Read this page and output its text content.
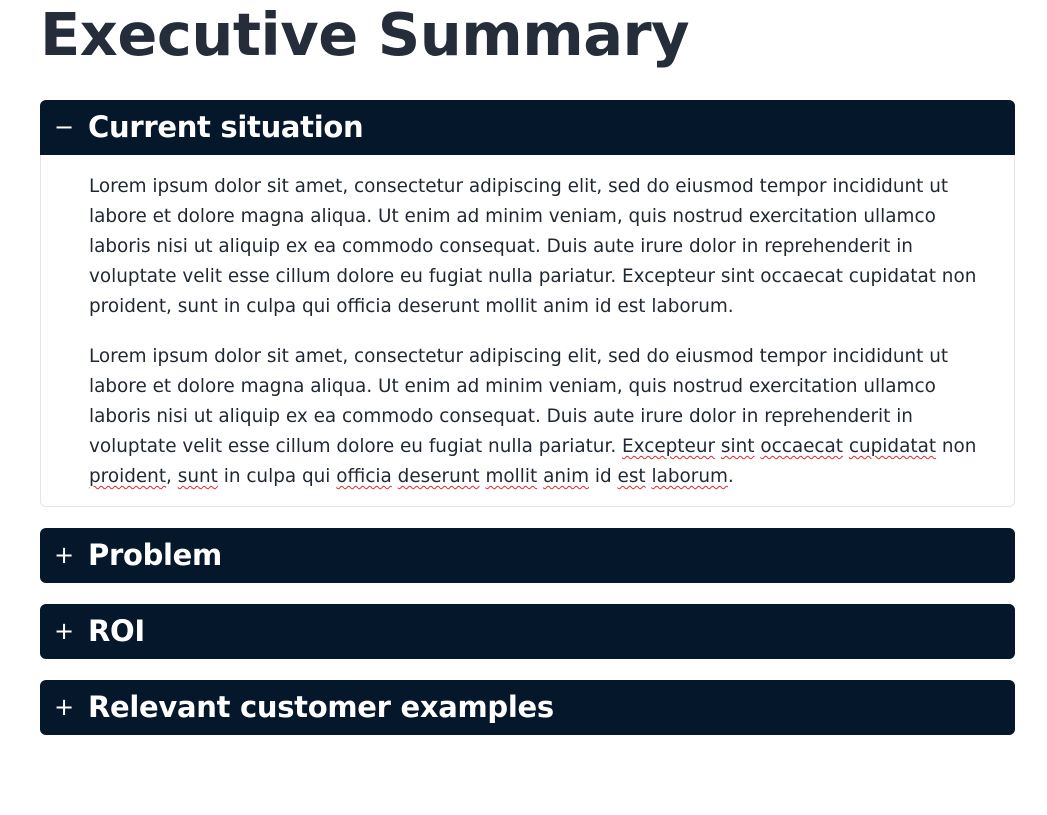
Executive Summary
− Current situation

Lorem ipsum dolor sit amet, consectetur adipiscing elit, sed do eiusmod tempor incididunt ut labore et dolore magna aliqua. Ut enim ad minim veniam, quis nostrud exercitation ullamco laboris nisi ut aliquip ex ea commodo consequat. Duis aute irure dolor in reprehenderit in voluptate velit esse cillum dolore eu fugiat nulla pariatur. Excepteur sint occaecat cupidatat non proident, sunt in culpa qui officia deserunt mollit anim id est laborum.

Lorem ipsum dolor sit amet, consectetur adipiscing elit, sed do eiusmod tempor incididunt ut labore et dolore magna aliqua. Ut enim ad minim veniam, quis nostrud exercitation ullamco laboris nisi ut aliquip ex ea commodo consequat. Duis aute irure dolor in reprehenderit in voluptate velit esse cillum dolore eu fugiat nulla pariatur. Excepteur sint occaecat cupidatat non proident, sunt in culpa qui officia deserunt mollit anim id est laborum.

+ Problem
+ ROI
+ Relevant customer examples
